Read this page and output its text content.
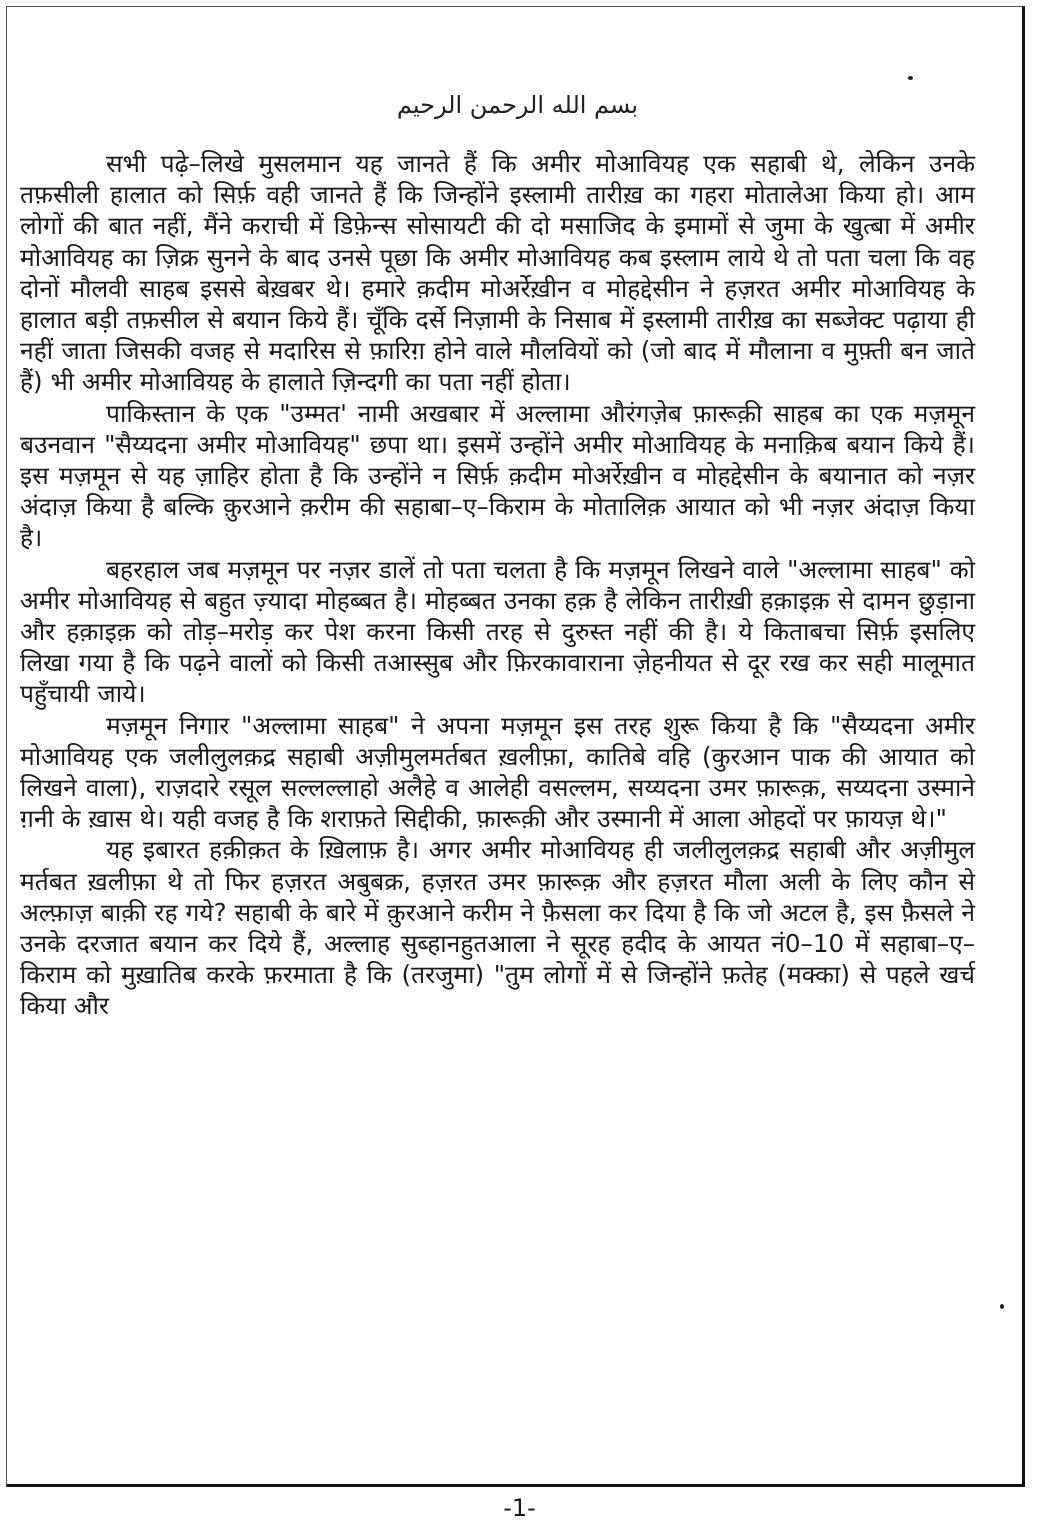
بسم الله الرحمن الرحيم

सभी पढ़े–लिखे मुसलमान यह जानते हैं कि अमीर मोआवियह एक सहाबी थे, लेकिन उनके तफ़सीली हालात को सिर्फ़ वही जानते हैं कि जिन्होंने इस्लामी तारीख़ का गहरा मोतालेआ किया हो। आम लोगों की बात नहीं, मैंने कराची में डिफ़ेन्स सोसायटी की दो मसाजिद के इमामों से जुमा के खुत्बा में अमीर मोआवियह का ज़िक्र सुनने के बाद उनसे पूछा कि अमीर मोआवियह कब इस्लाम लाये थे तो पता चला कि वह दोनों मौलवी साहब इससे बेख़बर थे। हमारे क़दीम मोअर्रेख़ीन व मोहद्देसीन ने हज़रत अमीर मोआवियह के हालात बड़ी तफ़सील से बयान किये हैं। चूँकि दर्से निज़ामी के निसाब में इस्लामी तारीख़ का सब्जेक्ट पढ़ाया ही नहीं जाता जिसकी वजह से मदारिस से फ़ारिग़ होने वाले मौलवियों को (जो बाद में मौलाना व मुफ़्ती बन जाते हैं) भी अमीर मोआवियह के हालाते ज़िन्दगी का पता नहीं होता।

पाकिस्तान के एक "उम्मत' नामी अखबार में अल्लामा औरंगज़ेब फ़ारूक़ी साहब का एक मज़मून बउनवान "सैय्यदना अमीर मोआवियह" छपा था। इसमें उन्होंने अमीर मोआवियह के मनाक़िब बयान किये हैं। इस मज़मून से यह ज़ाहिर होता है कि उन्होंने न सिर्फ़ क़दीम मोअर्रेख़ीन व मोहद्देसीन के बयानात को नज़र अंदाज़ किया है बल्कि क़ुरआने क़रीम की सहाबा–ए–किराम के मोतालिक़ आयात को भी नज़र अंदाज़ किया है।

बहरहाल जब मज़मून पर नज़र डालें तो पता चलता है कि मज़मून लिखने वाले "अल्लामा साहब" को अमीर मोआवियह से बहुत ज़्यादा मोहब्बत है। मोहब्बत उनका हक़ है लेकिन तारीख़ी हक़ाइक़ से दामन छुड़ाना और हक़ाइक़ को तोड़–मरोड़ कर पेश करना किसी तरह से दुरुस्त नहीं की है। ये किताबचा सिर्फ़ इसलिए लिखा गया है कि पढ़ने वालों को किसी तआस्सुब और फ़िरकावाराना ज़ेहनीयत से दूर रख कर सही मालूमात पहुँचायी जाये।

मज़मून निगार "अल्लामा साहब" ने अपना मज़मून इस तरह शुरू किया है कि "सैय्यदना अमीर मोआवियह एक जलीलुलक़द्र सहाबी अज़ीमुलमर्तबत ख़लीफ़ा, कातिबे वहि (कुरआन पाक की आयात को लिखने वाला), राज़दारे रसूल सल्लल्लाहो अलैहे व आलेही वसल्लम, सय्यदना उमर फ़ारूक़, सय्यदना उस्माने ग़नी के ख़ास थे। यही वजह है कि शराफ़ते सिद्दीकी, फ़ारूक़ी और उस्मानी में आला ओहदों पर फ़ायज़ थे।"

यह इबारत हक़ीक़त के ख़िलाफ़ है। अगर अमीर मोआवियह ही जलीलुलक़द्र सहाबी और अज़ीमुल मर्तबत ख़लीफ़ा थे तो फिर हज़रत अबुबक्र, हज़रत उमर फ़ारूक़ और हज़रत मौला अली के लिए कौन से अल्फ़ाज़ बाक़ी रह गये? सहाबी के बारे में क़ुरआने करीम ने फ़ैसला कर दिया है कि जो अटल है, इस फ़ैसले ने उनके दरजात बयान कर दिये हैं, अल्लाह सुब्हानहुतआला ने सूरह हदीद के आयत नं0–10 में सहाबा–ए–किराम को मुख़ातिब करके फ़रमाता है कि (तरजुमा) "तुम लोगों में से जिन्होंने फ़तेह (मक्का) से पहले खर्च किया और

-1-
